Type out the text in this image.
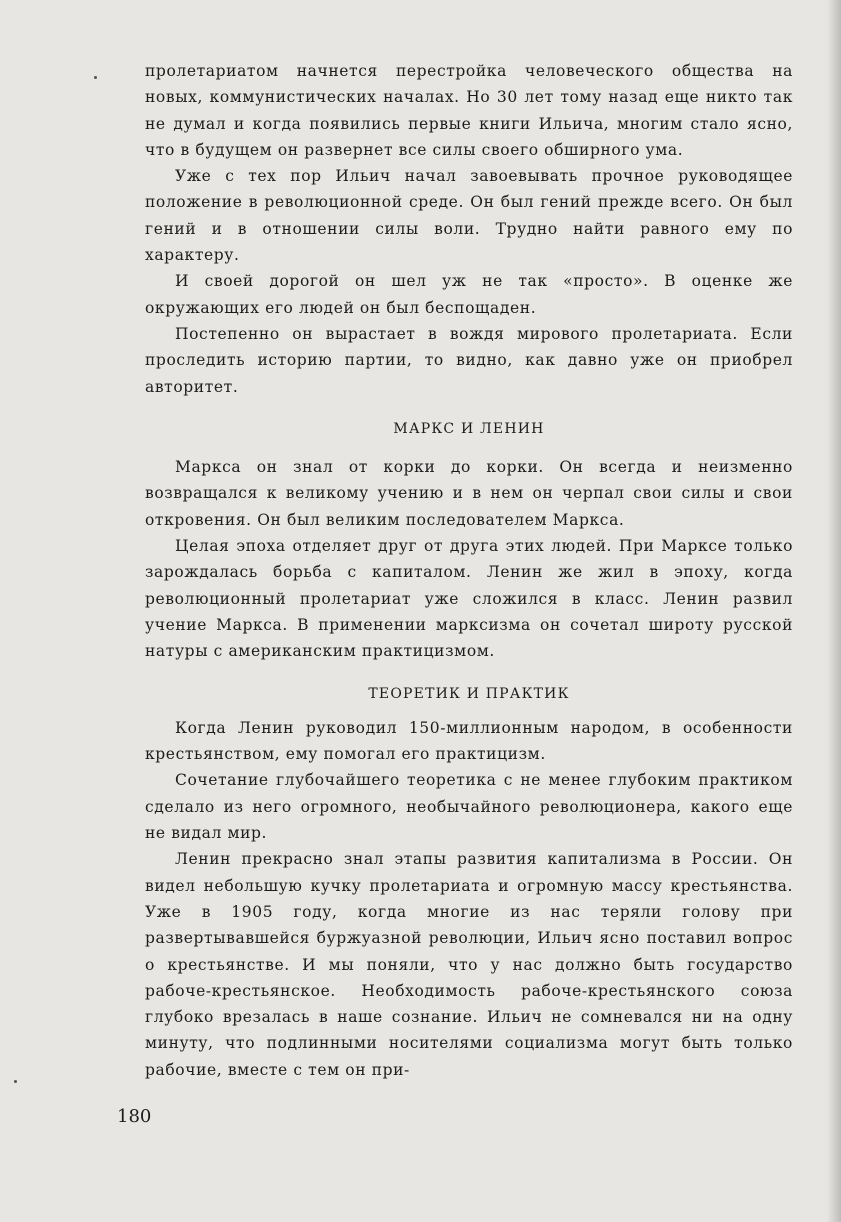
пролетариатом начнется перестройка человеческого общества на новых, коммунистических началах. Но 30 лет тому назад еще никто так не думал и когда появились первые книги Ильича, многим стало ясно, что в будущем он развернет все силы своего обширного ума.

Уже с тех пор Ильич начал завоевывать прочное руководящее положение в революционной среде. Он был гений прежде всего. Он был гений и в отношении силы воли. Трудно найти равного ему по характеру.

И своей дорогой он шел уж не так «просто». В оценке же окружающих его людей он был беспощаден.

Постепенно он вырастает в вождя мирового пролетариата. Если проследить историю партии, то видно, как давно уже он приобрел авторитет.

МАРКС И ЛЕНИН

Маркса он знал от корки до корки. Он всегда и неизменно возвращался к великому учению и в нем он черпал свои силы и свои откровения. Он был великим последователем Маркса.

Целая эпоха отделяет друг от друга этих людей. При Марксе только зарождалась борьба с капиталом. Ленин же жил в эпоху, когда революционный пролетариат уже сложился в класс. Ленин развил учение Маркса. В применении марксизма он сочетал широту русской натуры с американским практицизмом.

ТЕОРЕТИК И ПРАКТИК

Когда Ленин руководил 150-миллионным народом, в особенности крестьянством, ему помогал его практицизм.

Сочетание глубочайшего теоретика с не менее глубоким практиком сделало из него огромного, необычайного революционера, какого еще не видал мир.

Ленин прекрасно знал этапы развития капитализма в России. Он видел небольшую кучку пролетариата и огромную массу крестьянства. Уже в 1905 году, когда многие из нас теряли голову при развертывавшейся буржуазной революции, Ильич ясно поставил вопрос о крестьянстве. И мы поняли, что у нас должно быть государство рабоче-крестьянское. Необходимость рабоче-крестьянского союза глубоко врезалась в наше сознание. Ильич не сомневался ни на одну минуту, что подлинными носителями социализма могут быть только рабочие, вместе с тем он при-

180
